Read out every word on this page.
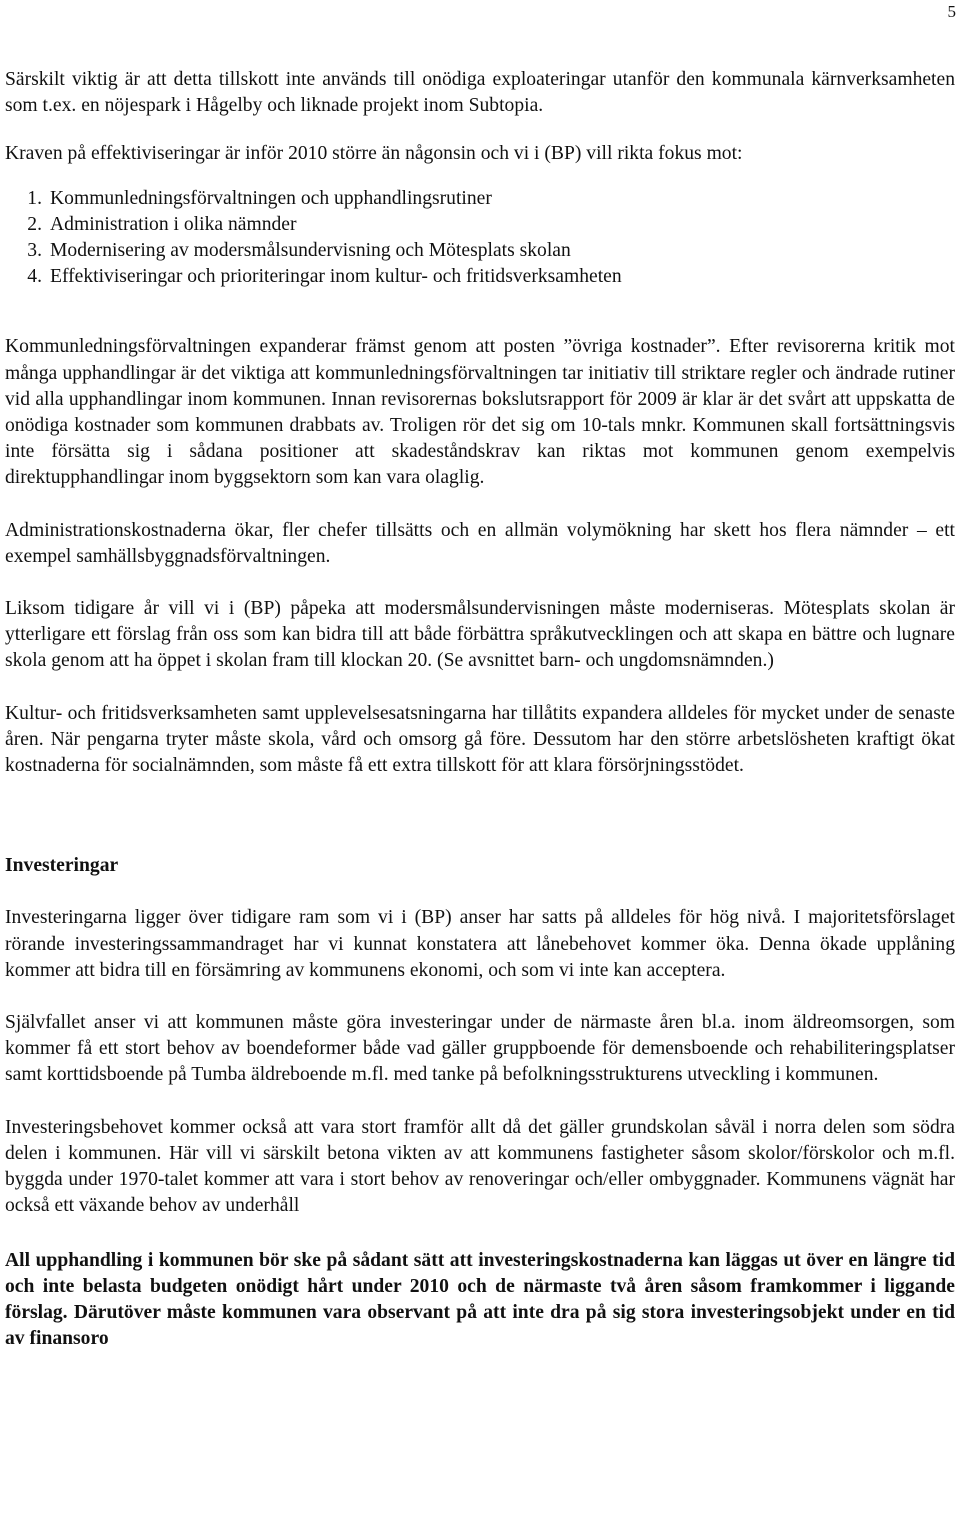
5

Särskilt viktig är att detta tillskott inte används till onödiga exploateringar utanför den kommunala kärnverksamheten som t.ex. en nöjespark i Hågelby och liknade projekt inom Subtopia.

Kraven på effektiviseringar är inför 2010 större än någonsin och vi i (BP) vill rikta fokus mot:

1. Kommunledningsförvaltningen och upphandlingsrutiner
2. Administration i olika nämnder
3. Modernisering av modersmålsundervisning och Mötesplats skolan
4. Effektiviseringar och prioriteringar inom kultur- och fritidsverksamheten

Kommunledningsförvaltningen expanderar främst genom att posten ”övriga kostnader”. Efter revisorerna kritik mot många upphandlingar är det viktiga att kommunledningsförvaltningen tar initiativ till striktare regler och ändrade rutiner vid alla upphandlingar inom kommunen. Innan revisorernas bokslutsrapport för 2009 är klar är det svårt att uppskatta de onödiga kostnader som kommunen drabbats av. Troligen rör det sig om 10-tals mnkr. Kommunen skall fortsättningsvis inte försätta sig i sådana positioner att skadeståndskrav kan riktas mot kommunen genom exempelvis direktupphandlingar inom byggsektorn som kan vara olaglig.

Administrationskostnaderna ökar, fler chefer tillsätts och en allmän volymökning har skett hos flera nämnder – ett exempel samhällsbyggnadsförvaltningen.

Liksom tidigare år vill vi i (BP) påpeka att modersmålsundervisningen måste moderniseras. Mötesplats skolan är ytterligare ett förslag från oss som kan bidra till att både förbättra språkutvecklingen och att skapa en bättre och lugnare skola genom att ha öppet i skolan fram till klockan 20. (Se avsnittet barn- och ungdomsnämnden.)

Kultur- och fritidsverksamheten samt upplevelsesatsningarna har tillåtits expandera alldeles för mycket under de senaste åren. När pengarna tryter måste skola, vård och omsorg gå före. Dessutom har den större arbetslösheten kraftigt ökat kostnaderna för socialnämnden, som måste få ett extra tillskott för att klara försörjningsstödet.

Investeringar

Investeringarna ligger över tidigare ram som vi i (BP) anser har satts på alldeles för hög nivå. I majoritetsförslaget rörande investeringssammandraget har vi kunnat konstatera att lånebehovet kommer öka. Denna ökade upplåning kommer att bidra till en försämring av kommunens ekonomi, och som vi inte kan acceptera.

Självfallet anser vi att kommunen måste göra investeringar under de närmaste åren bl.a. inom äldreomsorgen, som kommer få ett stort behov av boendeformer både vad gäller gruppboende för demensboende och rehabiliteringsplatser samt korttidsboende på Tumba äldreboende m.fl. med tanke på befolkningsstrukturens utveckling i kommunen.

Investeringsbehovet kommer också att vara stort framför allt då det gäller grundskolan såväl i norra delen som södra delen i kommunen. Här vill vi särskilt betona vikten av att kommunens fastigheter såsom skolor/förskolor och m.fl. byggda under 1970-talet kommer att vara i stort behov av renoveringar och/eller ombyggnader. Kommunens vägnät har också ett växande behov av underhåll

All upphandling i kommunen bör ske på sådant sätt att investeringskostnaderna kan läggas ut över en längre tid och inte belasta budgeten onödigt hårt under 2010 och de närmaste två åren såsom framkommer i liggande förslag. Därutöver måste kommunen vara observant på att inte dra på sig stora investeringsobjekt under en tid av finansoro
